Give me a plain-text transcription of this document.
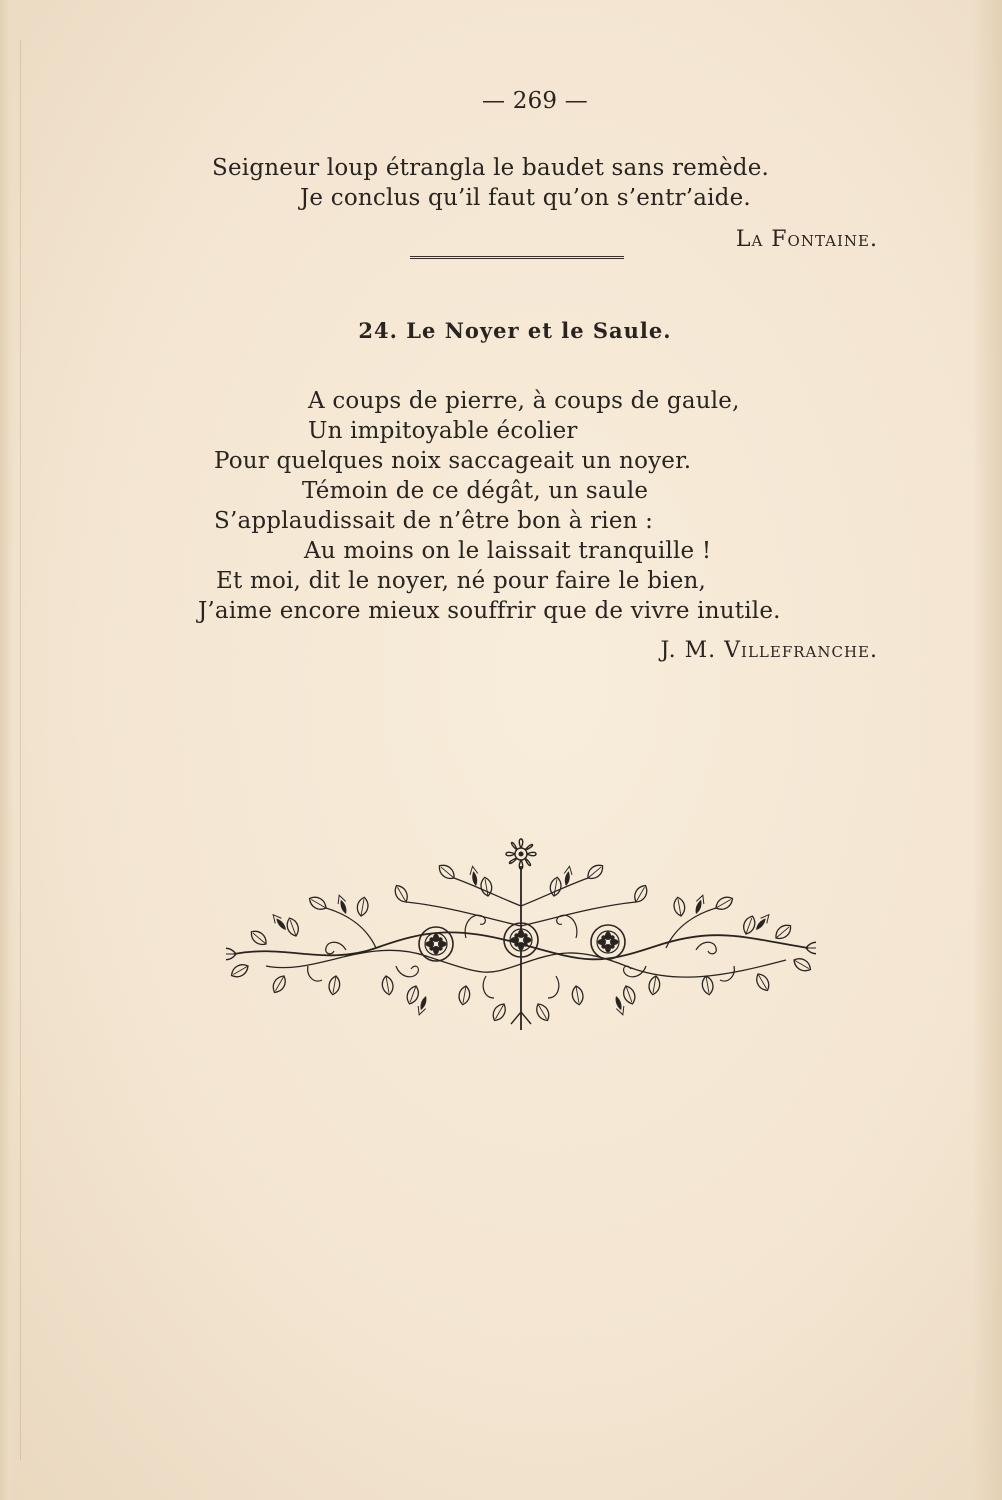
— 269 —
Seigneur loup étrangla le baudet sans remède.
Je conclus qu’il faut qu’on s’entr’aide.
La Fontaine.
24. Le Noyer et le Saule.
A coups de pierre, à coups de gaule,
Un impitoyable écolier
Pour quelques noix saccageait un noyer.
Témoin de ce dégât, un saule
S’applaudissait de n’être bon à rien :
Au moins on le laissait tranquille !
Et moi, dit le noyer, né pour faire le bien,
J’aime encore mieux souffrir que de vivre inutile.
J. M. Villefranche.
